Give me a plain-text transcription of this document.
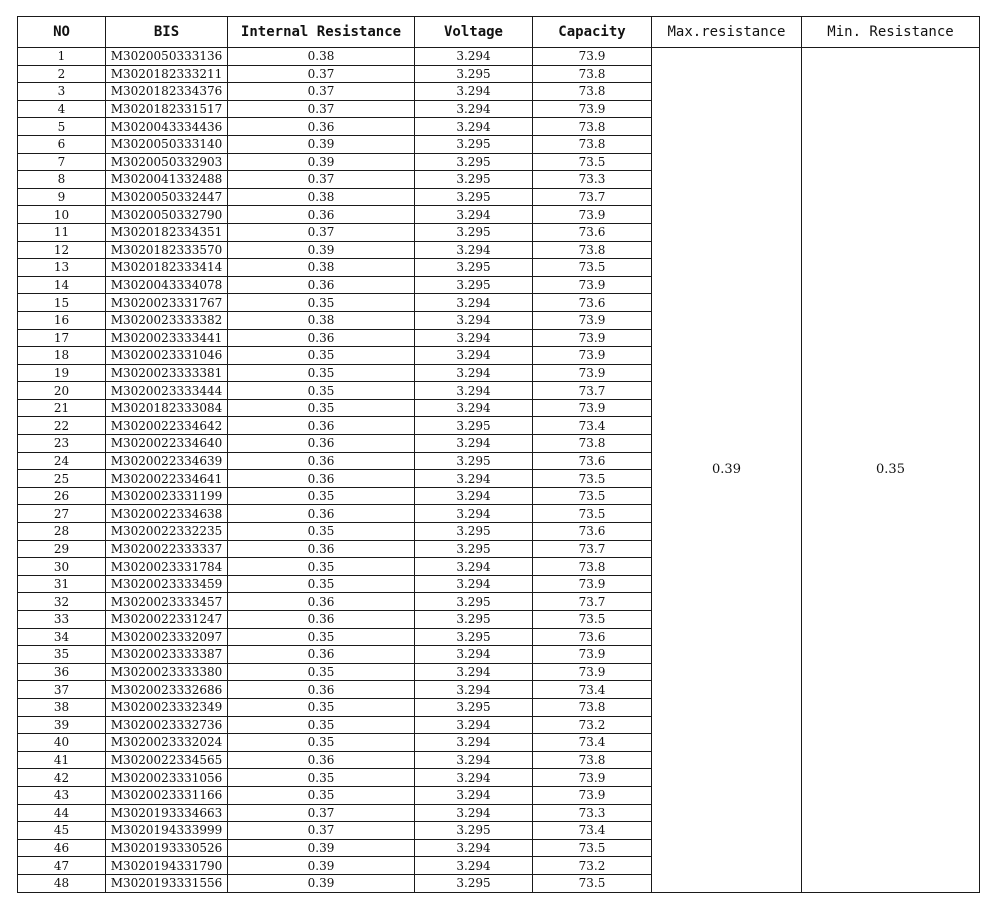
NO	BIS	Internal Resistance	Voltage	Capacity	Max.resistance	Min. Resistance
1	M3020050333136	0.38	3.294	73.9	0.39	0.35
2	M3020182333211	0.37	3.295	73.8		
3	M3020182334376	0.37	3.294	73.8		
4	M3020182331517	0.37	3.294	73.9		
5	M3020043334436	0.36	3.294	73.8		
6	M3020050333140	0.39	3.295	73.8		
7	M3020050332903	0.39	3.295	73.5		
8	M3020041332488	0.37	3.295	73.3		
9	M3020050332447	0.38	3.295	73.7		
10	M3020050332790	0.36	3.294	73.9		
11	M3020182334351	0.37	3.295	73.6		
12	M3020182333570	0.39	3.294	73.8		
13	M3020182333414	0.38	3.295	73.5		
14	M3020043334078	0.36	3.295	73.9		
15	M3020023331767	0.35	3.294	73.6		
16	M3020023333382	0.38	3.294	73.9		
17	M3020023333441	0.36	3.294	73.9		
18	M3020023331046	0.35	3.294	73.9		
19	M3020023333381	0.35	3.294	73.9		
20	M3020023333444	0.35	3.294	73.7		
21	M3020182333084	0.35	3.294	73.9		
22	M3020022334642	0.36	3.295	73.4		
23	M3020022334640	0.36	3.294	73.8		
24	M3020022334639	0.36	3.295	73.6		
25	M3020022334641	0.36	3.294	73.5		
26	M3020023331199	0.35	3.294	73.5		
27	M3020022334638	0.36	3.294	73.5		
28	M3020022332235	0.35	3.295	73.6		
29	M3020022333337	0.36	3.295	73.7		
30	M3020023331784	0.35	3.294	73.8		
31	M3020023333459	0.35	3.294	73.9		
32	M3020023333457	0.36	3.295	73.7		
33	M3020022331247	0.36	3.295	73.5		
34	M3020023332097	0.35	3.295	73.6		
35	M3020023333387	0.36	3.294	73.9		
36	M3020023333380	0.35	3.294	73.9		
37	M3020023332686	0.36	3.294	73.4		
38	M3020023332349	0.35	3.295	73.8		
39	M3020023332736	0.35	3.294	73.2		
40	M3020023332024	0.35	3.294	73.4		
41	M3020022334565	0.36	3.294	73.8		
42	M3020023331056	0.35	3.294	73.9		
43	M3020023331166	0.35	3.294	73.9		
44	M3020193334663	0.37	3.294	73.3		
45	M3020194333999	0.37	3.295	73.4		
46	M3020193330526	0.39	3.294	73.5		
47	M3020194331790	0.39	3.294	73.2		
48	M3020193331556	0.39	3.295	73.5		
